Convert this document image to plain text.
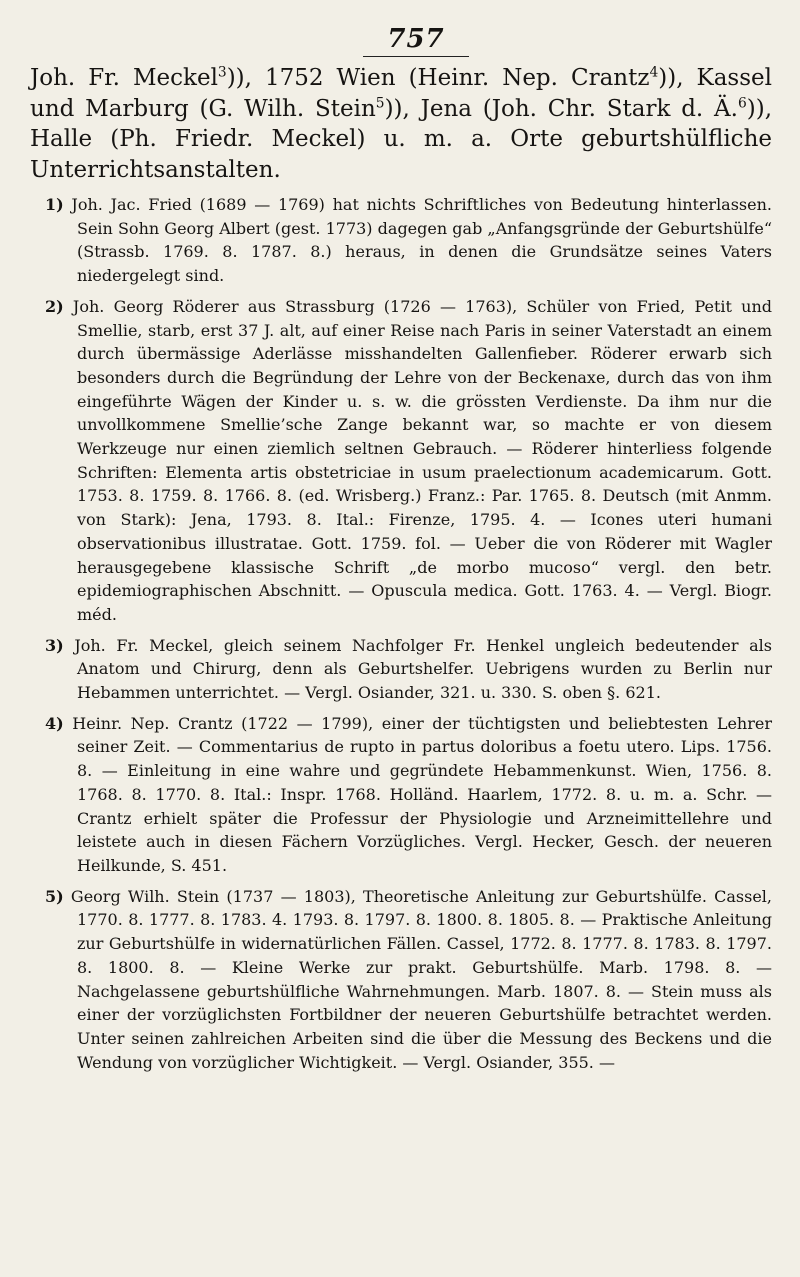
757

Joh. Fr. Meckel$^3$)), 1752 Wien (Heinr. Nep. Crantz$^4$)), Kassel und Marburg (G. Wilh. Stein$^5$)), Jena (Joh. Chr. Stark d. Ä.$^6$)), Halle (Ph. Friedr. Meckel) u. m. a. Orte geburtshülfliche Unterrichtsanstalten.

1) Joh. Jac. Fried (1689 — 1769) hat nichts Schriftliches von Bedeutung hinterlassen. Sein Sohn Georg Albert (gest. 1773) dagegen gab „Anfangsgründe der Geburtshülfe“ (Strassb. 1769. 8. 1787. 8.) heraus, in denen die Grundsätze seines Vaters niedergelegt sind.

2) Joh. Georg Röderer aus Strassburg (1726 — 1763), Schüler von Fried, Petit und Smellie, starb, erst 37 J. alt, auf einer Reise nach Paris in seiner Vaterstadt an einem durch übermässige Aderlässe misshandelten Gallenfieber. Röderer erwarb sich besonders durch die Begründung der Lehre von der Beckenaxe, durch das von ihm eingeführte Wägen der Kinder u. s. w. die grössten Verdienste. Da ihm nur die unvollkommene Smellie’sche Zange bekannt war, so machte er von diesem Werkzeuge nur einen ziemlich seltnen Gebrauch. — Röderer hinterliess folgende Schriften: Elementa artis obstetriciae in usum praelectionum academicarum. Gott. 1753. 8. 1759. 8. 1766. 8. (ed. Wrisberg.) Franz.: Par. 1765. 8. Deutsch (mit Anmm. von Stark): Jena, 1793. 8. Ital.: Firenze, 1795. 4. — Icones uteri humani observationibus illustratae. Gott. 1759. fol. — Ueber die von Röderer mit Wagler herausgegebene klassische Schrift „de morbo mucoso“ vergl. den betr. epidemiographischen Abschnitt. — Opuscula medica. Gott. 1763. 4. — Vergl. Biogr. méd.

3) Joh. Fr. Meckel, gleich seinem Nachfolger Fr. Henkel ungleich bedeutender als Anatom und Chirurg, denn als Geburtshelfer. Uebrigens wurden zu Berlin nur Hebammen unterrichtet. — Vergl. Osiander, 321. u. 330. S. oben §. 621.

4) Heinr. Nep. Crantz (1722 — 1799), einer der tüchtigsten und beliebtesten Lehrer seiner Zeit. — Commentarius de rupto in partus doloribus a foetu utero. Lips. 1756. 8. — Einleitung in eine wahre und gegründete Hebammenkunst. Wien, 1756. 8. 1768. 8. 1770. 8. Ital.: Inspr. 1768. Holländ. Haarlem, 1772. 8. u. m. a. Schr. — Crantz erhielt später die Professur der Physiologie und Arzneimittellehre und leistete auch in diesen Fächern Vorzügliches. Vergl. Hecker, Gesch. der neueren Heilkunde, S. 451.

5) Georg Wilh. Stein (1737 — 1803), Theoretische Anleitung zur Geburtshülfe. Cassel, 1770. 8. 1777. 8. 1783. 4. 1793. 8. 1797. 8. 1800. 8. 1805. 8. — Praktische Anleitung zur Geburtshülfe in widernatürlichen Fällen. Cassel, 1772. 8. 1777. 8. 1783. 8. 1797. 8. 1800. 8. — Kleine Werke zur prakt. Geburtshülfe. Marb. 1798. 8. — Nachgelassene geburtshülfliche Wahrnehmungen. Marb. 1807. 8. — Stein muss als einer der vorzüglichsten Fortbildner der neueren Geburtshülfe betrachtet werden. Unter seinen zahlreichen Arbeiten sind die über die Messung des Beckens und die Wendung von vorzüglicher Wichtigkeit. — Vergl. Osiander, 355. —
